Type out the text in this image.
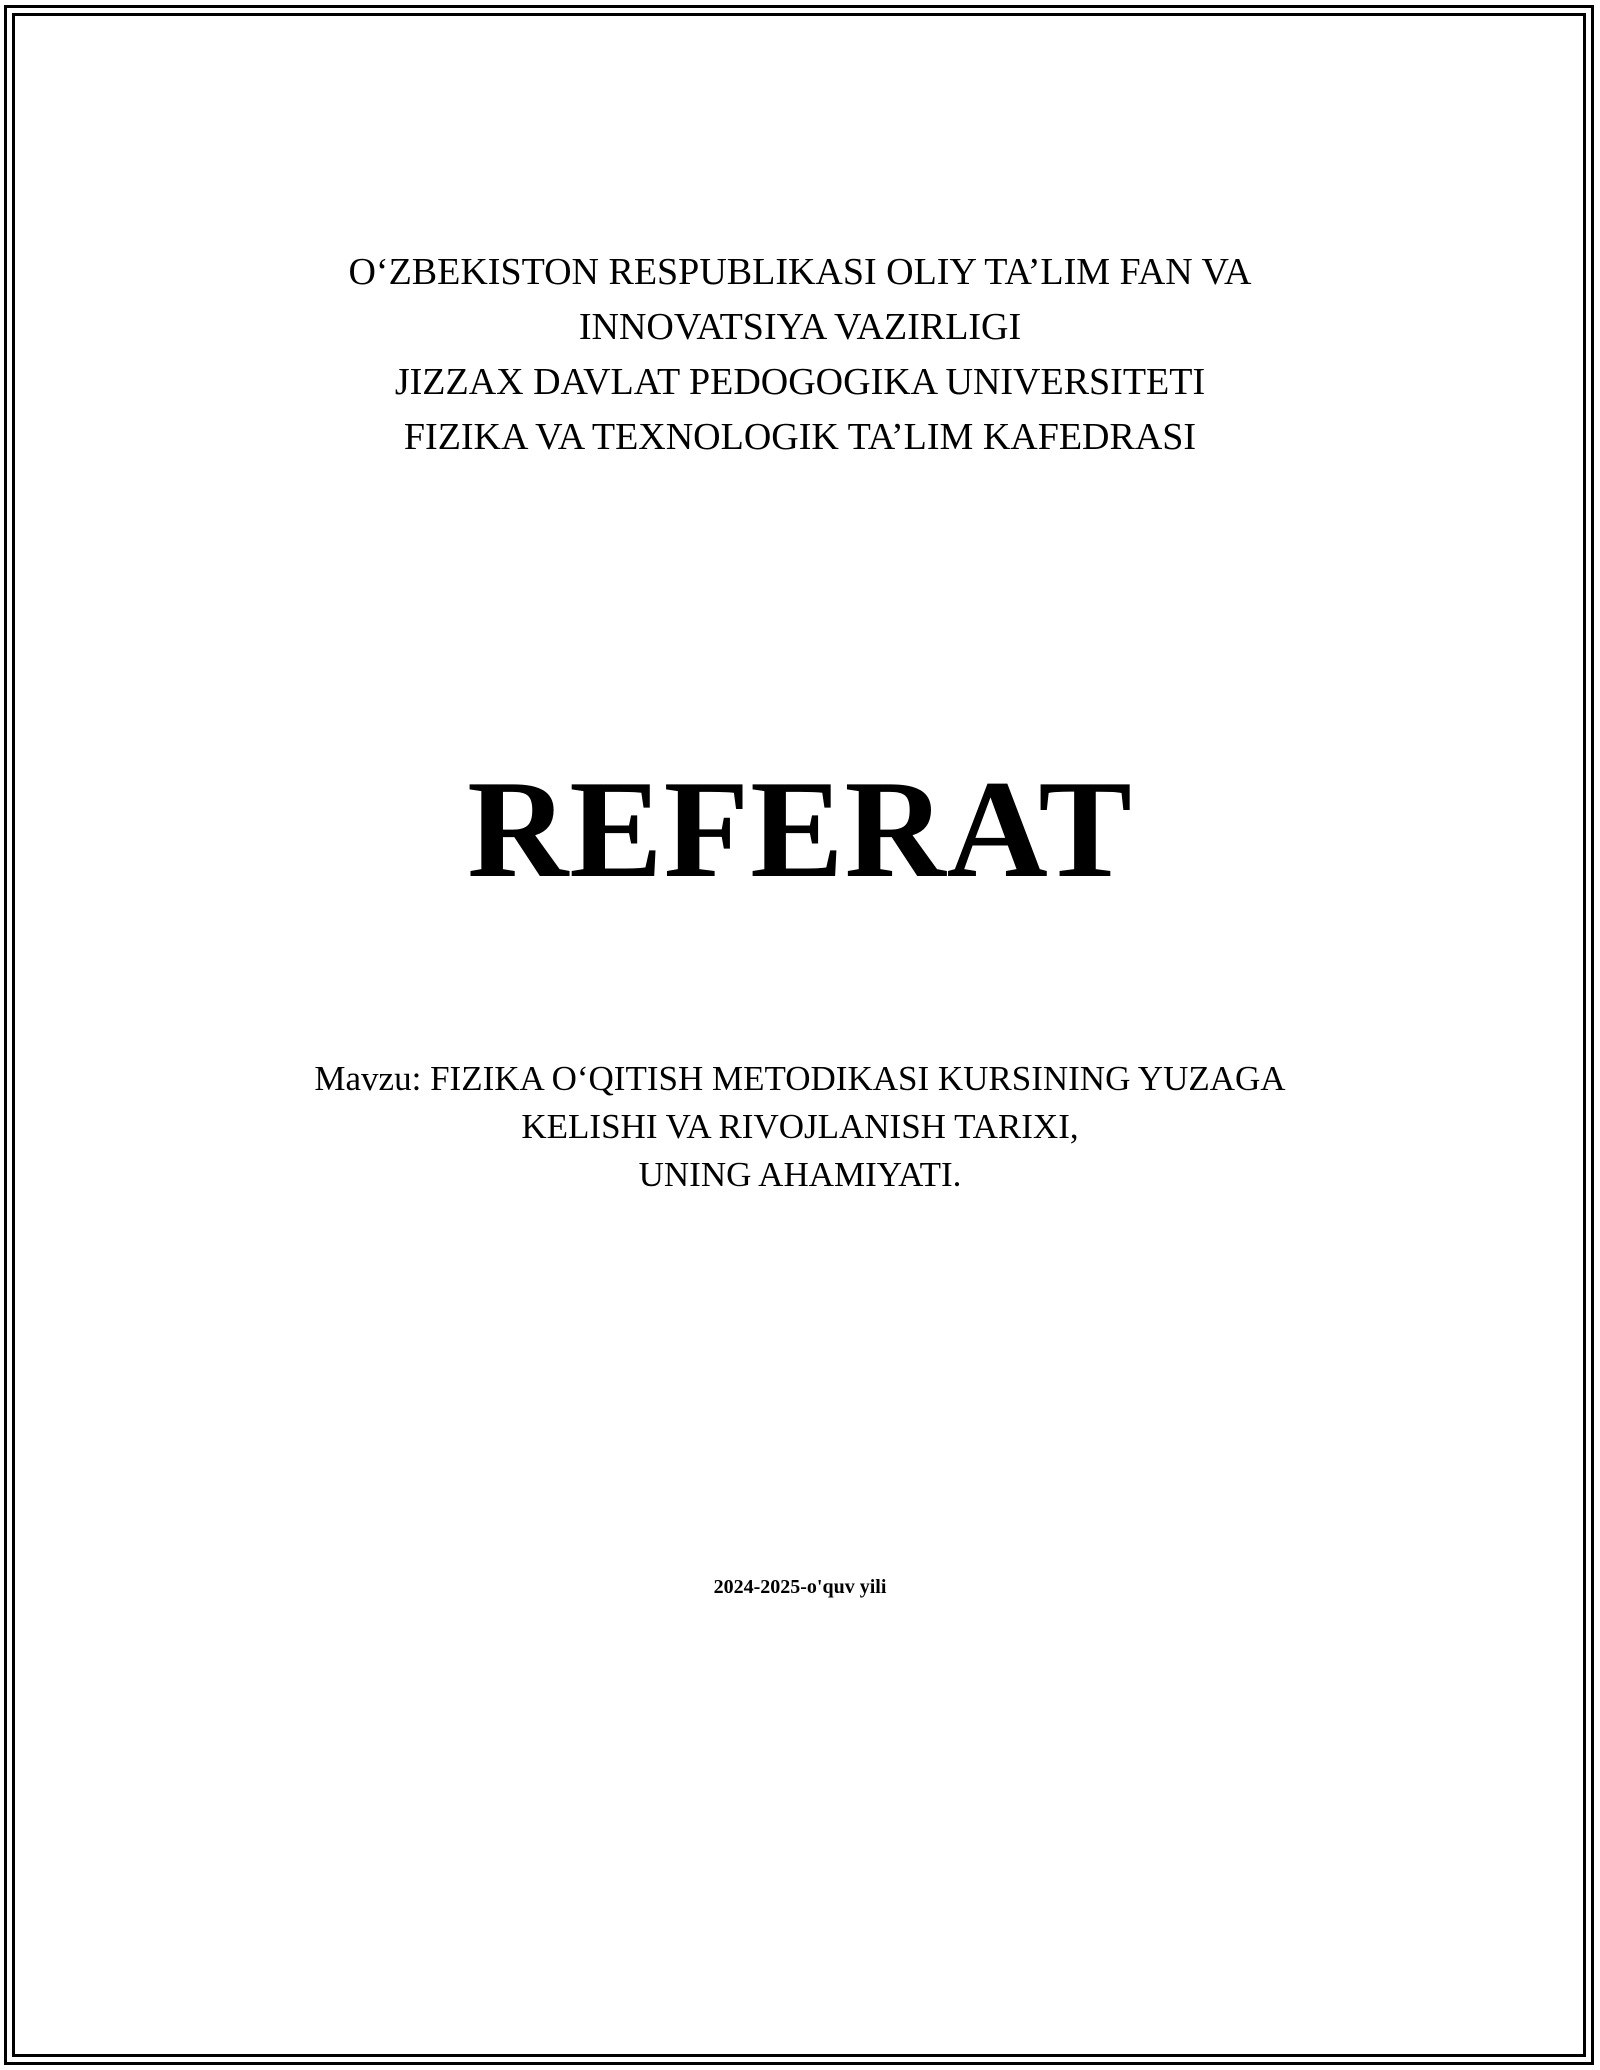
O‘ZBEKISTON RESPUBLIKASI OLIY TA’LIM FAN VA
INNOVATSIYA VAZIRLIGI
JIZZAX DAVLAT PEDOGOGIKA UNIVERSITETI
FIZIKA VA TEXNOLOGIK TA’LIM KAFEDRASI
REFERAT
Mavzu: FIZIKA O‘QITISH METODIKASI KURSINING YUZAGA
KELISHI VA RIVOJLANISH TARIXI,
UNING AHAMIYATI.
2024-2025-o'quv yili
